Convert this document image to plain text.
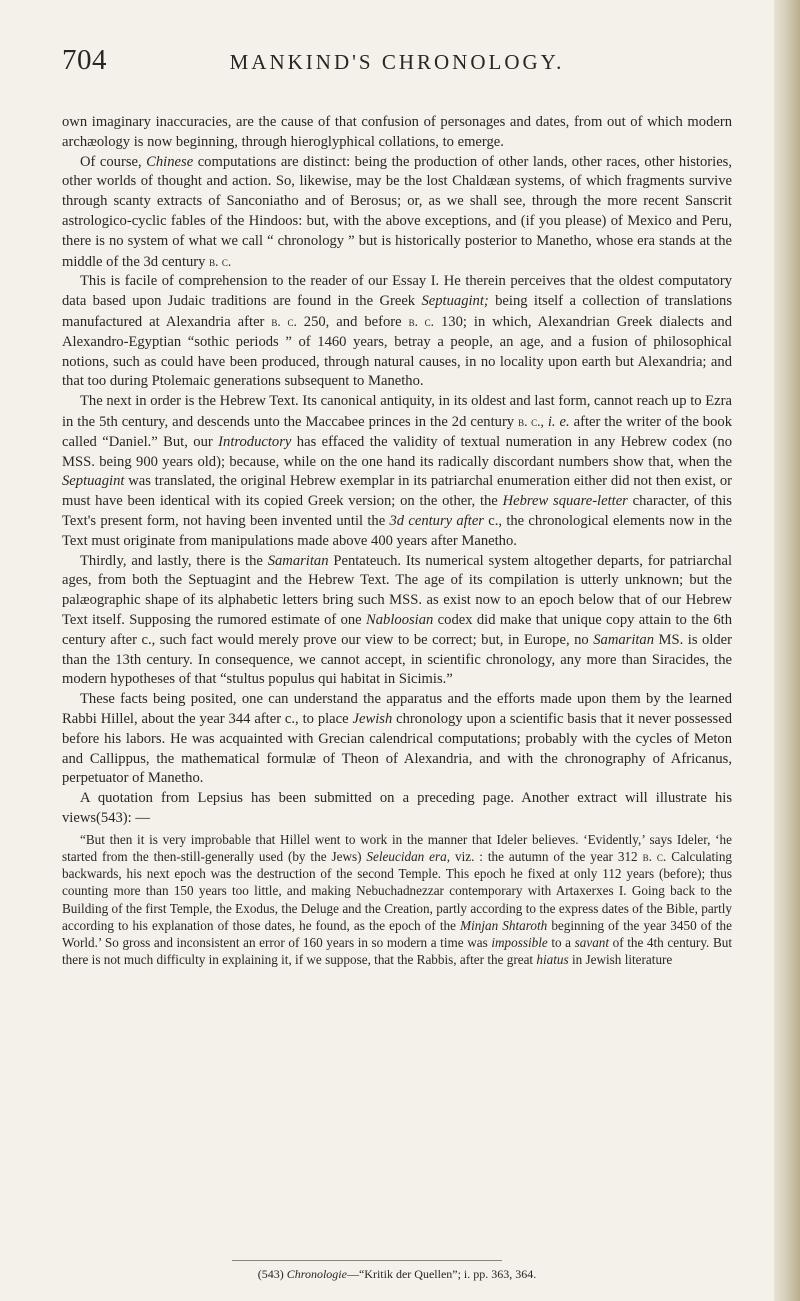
704	MANKIND'S CHRONOLOGY.

own imaginary inaccuracies, are the cause of that confusion of personages and dates, from out of which modern archæology is now beginning, through hieroglyphical collations, to emerge.

Of course, Chinese computations are distinct: being the production of other lands, other races, other histories, other worlds of thought and action. So, likewise, may be the lost Chaldæan systems, of which fragments survive through scanty extracts of Sanconiatho and of Berosus; or, as we shall see, through the more recent Sanscrit astrologico-cyclic fables of the Hindoos: but, with the above exceptions, and (if you please) of Mexico and Peru, there is no system of what we call “ chronology ” but is historically posterior to Manetho, whose era stands at the middle of the 3d century b. c.

This is facile of comprehension to the reader of our Essay I. He therein perceives that the oldest computatory data based upon Judaic traditions are found in the Greek Septuagint; being itself a collection of translations manufactured at Alexandria after b. c. 250, and before b. c. 130; in which, Alexandrian Greek dialects and Alexandro-Egyptian “sothic periods ” of 1460 years, betray a people, an age, and a fusion of philosophical notions, such as could have been produced, through natural causes, in no locality upon earth but Alexandria; and that too during Ptolemaic generations subsequent to Manetho.

The next in order is the Hebrew Text. Its canonical antiquity, in its oldest and last form, cannot reach up to Ezra in the 5th century, and descends unto the Maccabee princes in the 2d century b. c., i. e. after the writer of the book called “Daniel.” But, our Introductory has effaced the validity of textual numeration in any Hebrew codex (no MSS. being 900 years old); because, while on the one hand its radically discordant numbers show that, when the Septuagint was translated, the original Hebrew exemplar in its patriarchal enumeration either did not then exist, or must have been identical with its copied Greek version; on the other, the Hebrew square-letter character, of this Text's present form, not having been invented until the 3d century after c., the chronological elements now in the Text must originate from manipulations made above 400 years after Manetho.

Thirdly, and lastly, there is the Samaritan Pentateuch. Its numerical system altogether departs, for patriarchal ages, from both the Septuagint and the Hebrew Text. The age of its compilation is utterly unknown; but the palæographic shape of its alphabetic letters bring such MSS. as exist now to an epoch below that of our Hebrew Text itself. Supposing the rumored estimate of one Nabloosian codex did make that unique copy attain to the 6th century after c., such fact would merely prove our view to be correct; but, in Europe, no Samaritan MS. is older than the 13th century. In consequence, we cannot accept, in scientific chronology, any more than Siracides, the modern hypotheses of that “stultus populus qui habitat in Sicimis.”

These facts being posited, one can understand the apparatus and the efforts made upon them by the learned Rabbi Hillel, about the year 344 after c., to place Jewish chronology upon a scientific basis that it never possessed before his labors. He was acquainted with Grecian calendrical computations; probably with the cycles of Meton and Callippus, the mathematical formulæ of Theon of Alexandria, and with the chronography of Africanus, perpetuator of Manetho.

A quotation from Lepsius has been submitted on a preceding page. Another extract will illustrate his views(543): —

“But then it is very improbable that Hillel went to work in the manner that Ideler believes. ‘Evidently,’ says Ideler, ‘he started from the then-still-generally used (by the Jews) Seleucidan era, viz. : the autumn of the year 312 b. c. Calculating backwards, his next epoch was the destruction of the second Temple. This epoch he fixed at only 112 years (before); thus counting more than 150 years too little, and making Nebuchadnezzar contemporary with Artaxerxes I. Going back to the Building of the first Temple, the Exodus, the Deluge and the Creation, partly according to the express dates of the Bible, partly according to his explanation of those dates, he found, as the epoch of the Minjan Shtaroth beginning of the year 3450 of the World.’ So gross and inconsistent an error of 160 years in so modern a time was impossible to a savant of the 4th century. But there is not much difficulty in explaining it, if we suppose, that the Rabbis, after the great hiatus in Jewish literature

(543) Chronologie—“Kritik der Quellen”; i. pp. 363, 364.
